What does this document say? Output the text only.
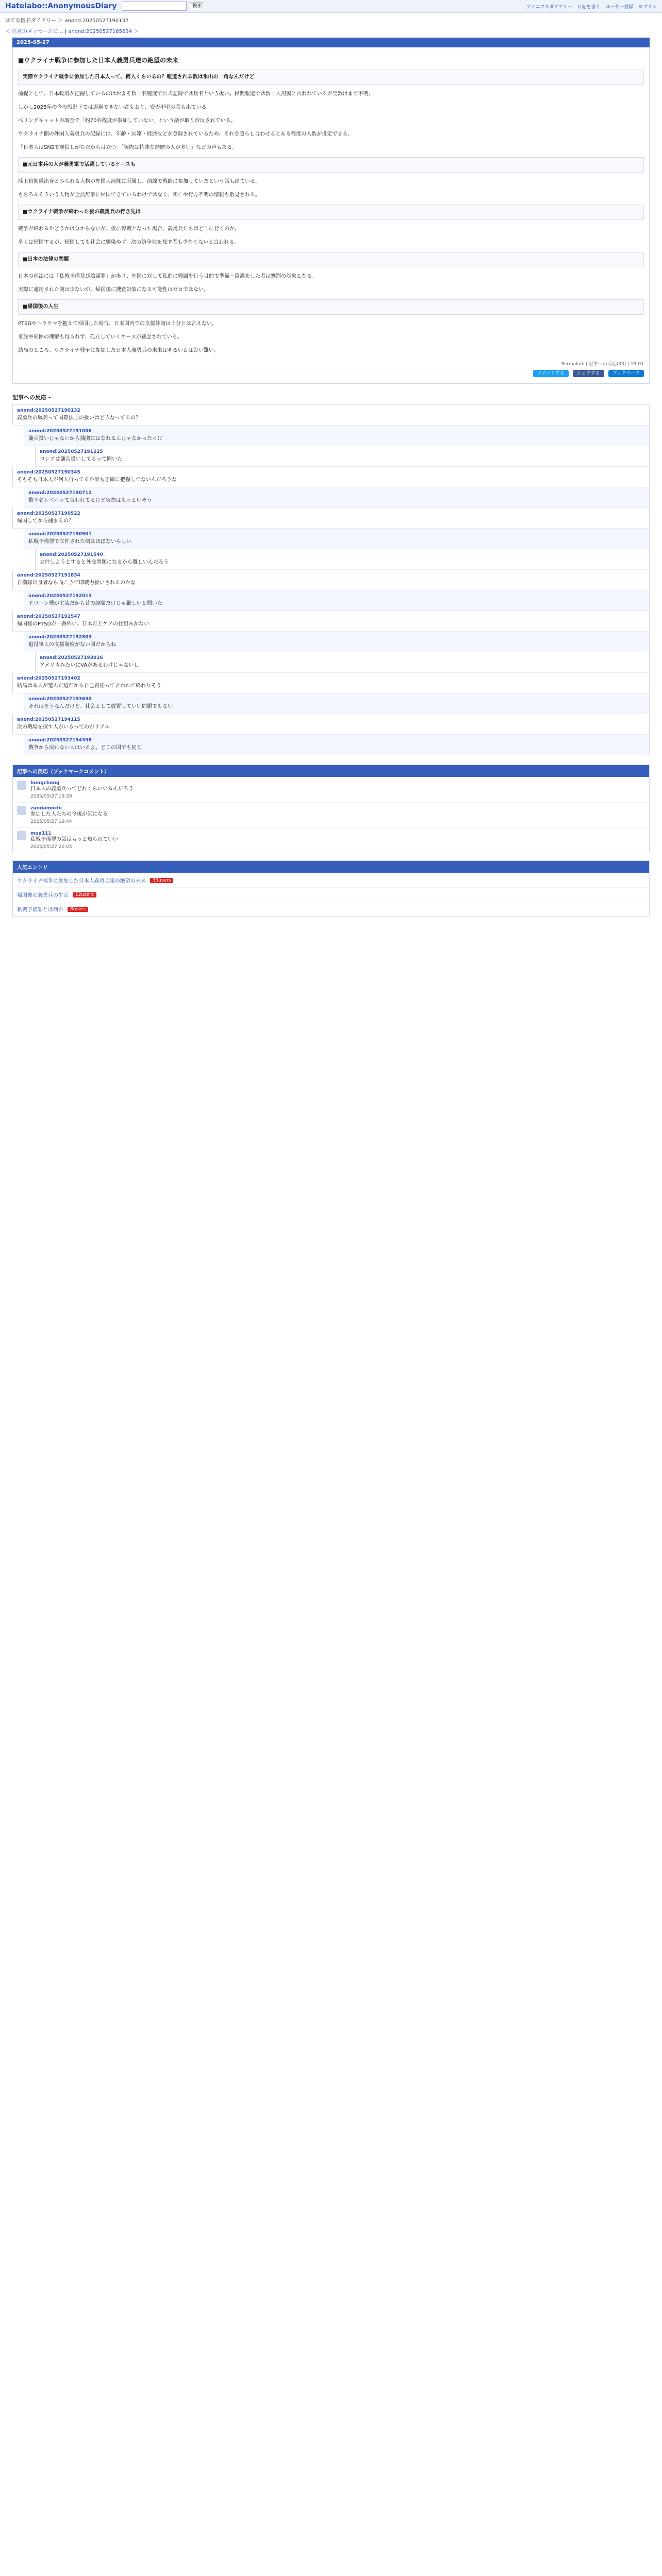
Hatelabo::AnonymousDiary	検索	アノニマスダイアリー 日記を書く ユーザー登録 ログイン
はてな匿名ダイアリー ＞ anond:20250527190132
＜ 任意のメッセージに… | anond:20250527185634 ＞
2025-05-27
■ウクライナ戦争に参加した日本人義勇兵達の絶望の未来
実際ウクライナ戦争に参加した日本人って、何人くらいるの？報道される数は氷山の一角なんだけど
前提として、日本政府が把握しているのはおよそ数十名程度で公式記録では数名という扱い。民間報道では数十人規模と言われているが実数はまず不明。
しかし2025年の今の戦況下では退避できない者もおり、安否不明の者も出ている。
ベリングキャットの調査で「約70名程度が参加していない」という話が取り沙汰されている。
ウクライナ側の外国人義勇兵の記録には、年齢・国籍・経歴などが登録されているため、それを照らし合わせるとある程度の人数が推定できる。
「日本人はSNSで発信しがちだから目立つ」「実際は特殊な経歴の人が多い」などの声もある。
■元日本兵の人が義勇軍で活躍しているケースも
陸上自衛隊出身とみられる人物が外国人部隊に所属し、前線で戦闘に参加していたという話も出ている。
もちろんそういう人物が全員無事に帰国できているわけではなく、死亡や行方不明の情報も散見される。
■ウクライナ戦争が終わった後の義勇兵の行き先は
戦争が終わるかどうかは分からないが、仮に停戦となった場合、義勇兵たちはどこに行くのか。
多くは帰国するが、帰国しても社会に馴染めず、次の紛争地を探す者も少なくないと言われる。
■日本の法律の問題
日本の刑法には「私戦予備及び陰謀罪」があり、外国に対して私的に戦闘を行う目的で準備・陰謀をした者は処罰の対象となる。
実際に適用された例は少ないが、帰国後に捜査対象になる可能性はゼロではない。
■帰国後の人生
PTSDやトラウマを抱えて帰国した場合、日本国内での支援体制は十分とは言えない。
家族や周囲の理解も得られず、孤立していくケースが懸念されている。
結局のところ、ウクライナ戦争に参加した日本人義勇兵の未来は明るいとは言い難い。
Permalink | 記事への反応(33) | 19:01
ツイートする	シェアする	ブックマーク
記事への反応 -
anond:20250527190132
義勇兵の戦死って国際法上の扱いはどうなってるの？
anond:20250527191006
傭兵扱いじゃないから捕虜にはなれるんじゃなかったっけ
anond:20250527191225
ロシアは傭兵扱いしてるって聞いた
anond:20250527190345
そもそも日本人が何人行ってるか誰も正確に把握してないんだろうな
anond:20250527190712
数十名レベルって言われてるけど実際はもっといそう
anond:20250527190522
帰国してから捕まるの？
anond:20250527190901
私戦予備罪で立件された例はほぼないらしい
anond:20250527191540
立件しようとすると外交問題になるから難しいんだろう
anond:20250527191834
自衛隊出身者なら向こうで即戦力扱いされるのかな
anond:20250527192013
ドローン戦が主流だから昔の経験だけじゃ厳しいと聞いた
anond:20250527192547
帰国後のPTSDが一番怖い。日本だとケアの仕組みがない
anond:20250527192803
退役軍人の支援制度がない国だからね
anond:20250527193016
アメリカみたいにVAがあるわけじゃないし
anond:20250527193402
結局は本人が選んだ道だから自己責任って言われて終わりそう
anond:20250527193630
それはそうなんだけど、社会として放置していい問題でもない
anond:20250527194115
次の戦場を探す人がいるってのがリアル
anond:20250527194358
戦争から戻れない人はいるよ。どこの国でも同じ
記事への反応（ブックマークコメント）
hungchang
日本人の義勇兵ってどれくらいいるんだろう
2025/05/27 19:20
zundamochi
参加した人たちの今後が気になる
2025/05/27 19:44
mua111
私戦予備罪の話はもっと知られていい
2025/05/27 20:05
人気エントリ
ウクライナ戦争に参加した日本人義勇兵達の絶望の未来	33users
帰国後の義勇兵の生活	12users
私戦予備罪とは何か	8users
